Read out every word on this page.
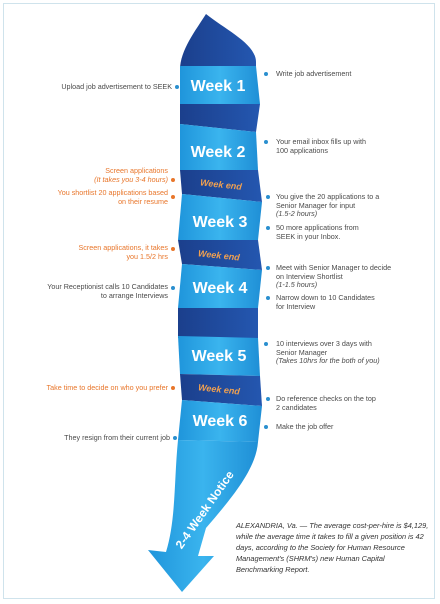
Week end
Week end
Week end
Week 1
Week 2
Week 3
Week 4
Week 5
Week 6
2-4 Week Notice
Upload job advertisement to SEEK
Screen applications
(It takes you 3-4 hours)
You shortlist 20 applications based
on their resume
Screen applications, it takes
you 1.5/2 hrs
Your Receptionist calls 10 Candidates
to arrange Interviews
Take time to decide on who you prefer
They resign from their current job
Write job advertisement
Your email inbox fills up with
100 applications
You give the 20 applications to a
Senior Manager for input
(1.5-2 hours)
50 more applications from
SEEK in your Inbox.
Meet with Senior Manager to decide
on Interview Shortlist
(1-1.5 hours)
Narrow down to 10 Candidates
for Interview
10 interviews over 3 days with
Senior Manager
(Takes 10hrs for the both of you)
Do reference checks on the top
2 candidates
Make the job offer
ALEXANDRIA, Va. — The average cost-per-hire is $4,129, while the average time it takes to fill a given position is 42 days, according to the Society for Human Resource Management's (SHRM's) new Human Capital Benchmarking Report.
